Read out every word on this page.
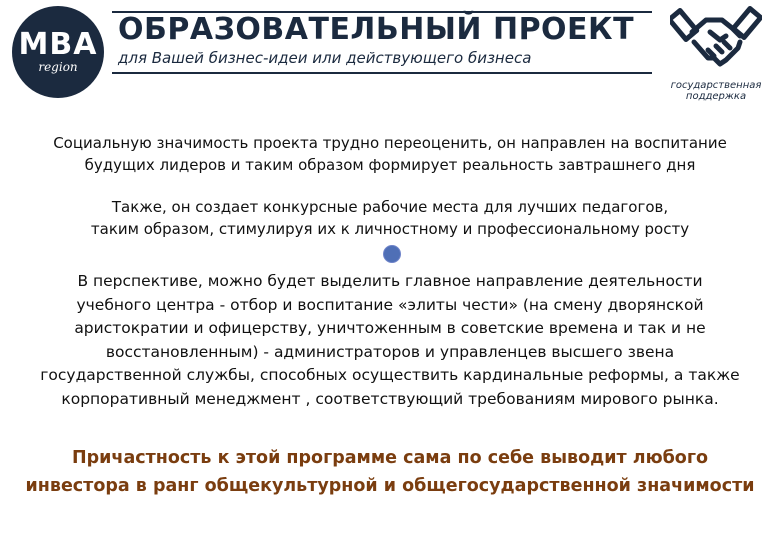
MBA
region
ОБРАЗОВАТЕЛЬНЫЙ ПРОЕКТ
для Вашей бизнес-идеи или действующего бизнеса
государственная
поддержка
Социальную значимость проекта трудно переоценить, он направлен на воспитание
будущих лидеров и таким образом формирует реальность завтрашнего дня
Также, он создает конкурсные рабочие места для лучших педагогов,
таким образом, стимулируя их к личностному и профессиональному росту
В перспективе, можно будет выделить главное направление деятельности
учебного центра - отбор и воспитание «элиты чести» (на смену дворянской
аристократии и офицерству, уничтоженным в советские времена и так и не
восстановленным) - администраторов и управленцев высшего звена
государственной службы, способных осуществить кардинальные реформы, а также
корпоративный менеджмент , соответствующий требованиям мирового рынка.
Причастность к этой программе сама по себе выводит любого
инвестора в ранг общекультурной и общегосударственной значимости
